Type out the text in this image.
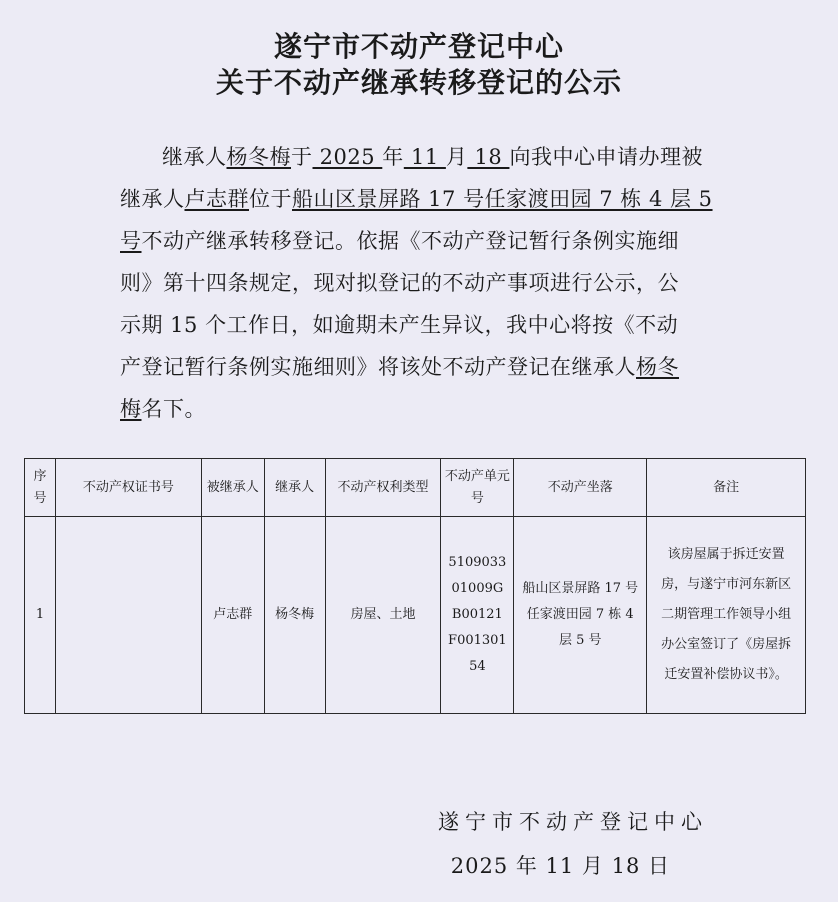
遂宁市不动产登记中心
关于不动产继承转移登记的公示
继承人杨冬梅于 2025 年 11 月 18 向我中心申请办理被
继承人卢志群位于船山区景屏路 17 号任家渡田园 7 栋 4 层 5
号不动产继承转移登记。依据《不动产登记暂行条例实施细
则》第十四条规定，现对拟登记的不动产事项进行公示，公
示期 15 个工作日，如逾期未产生异议，我中心将按《不动
产登记暂行条例实施细则》将该处不动产登记在继承人杨冬
梅名下。
序号	不动产权证书号	被继承人	继承人	不动产权利类型	不动产单元号	不动产坐落	备注
1		卢志群	杨冬梅	房屋、土地	510903301009GB00121F00130154	船山区景屏路 17 号任家渡田园 7 栋 4 层 5 号	该房屋属于拆迁安置房，与遂宁市河东新区二期管理工作领导小组办公室签订了《房屋拆迁安置补偿协议书》。
遂宁市不动产登记中心
2025 年 11 月 18 日
